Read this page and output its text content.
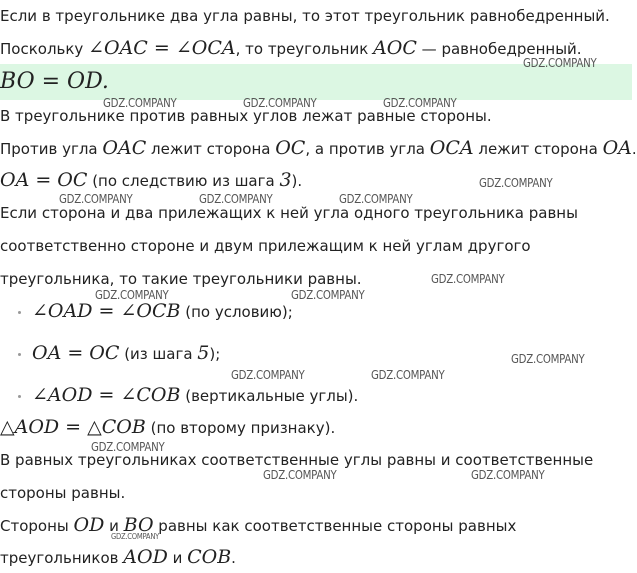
Если в треугольнике два угла равны, то этот треугольник равнобедренный.
Поскольку ∠OAC = ∠OCA, то треугольник AOC — равнобедренный.
BO = OD.
В треугольнике против равных углов лежат равные стороны.
Против угла OAC лежит сторона OC, а против угла OCA лежит сторона OA.
OA = OC (по следствию из шага 3).
Если сторона и два прилежащих к ней угла одного треугольника равны
соответственно стороне и двум прилежащим к ней углам другого
треугольника, то такие треугольники равны.
∠OAD = ∠OCB (по условию);
OA = OC (из шага 5);
∠AOD = ∠COB (вертикальные углы).
△AOD = △COB (по второму признаку).
В равных треугольниках соответственные углы равны и соответственные
стороны равны.
Стороны OD и BO равны как соответственные стороны равных
треугольников AOD и COB.
GDZ.COMPANY
GDZ.COMPANY	GDZ.COMPANY	GDZ.COMPANY
GDZ.COMPANY
GDZ.COMPANY	GDZ.COMPANY	GDZ.COMPANY
GDZ.COMPANY
GDZ.COMPANY	GDZ.COMPANY
GDZ.COMPANY
GDZ.COMPANY	GDZ.COMPANY
GDZ.COMPANY
GDZ.COMPANY	GDZ.COMPANY
GDZ.COMPANY
